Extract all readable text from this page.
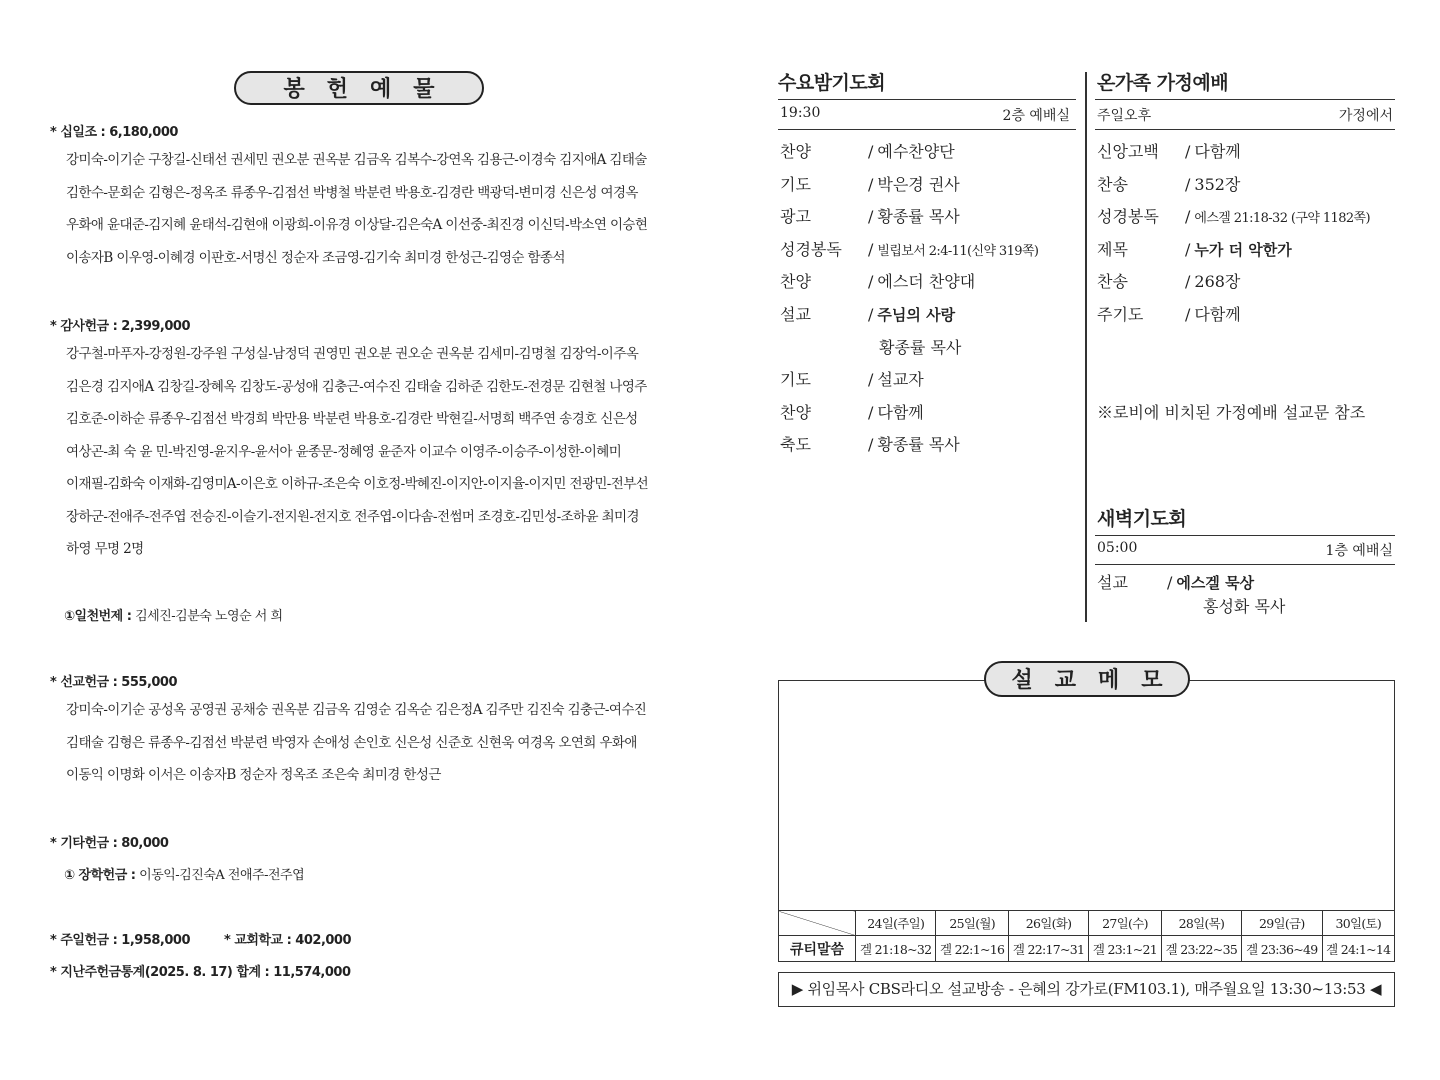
봉헌예물
* 십일조 : 6,180,000
강미숙-이기순 구창길-신태선 권세민 권오분 권옥분 김금옥 김복수-강연옥 김용근-이경숙 김지애A 김태술
김한수-문회순 김형은-정옥조 류종우-김점선 박병철 박분련 박용호-김경란 백광덕-변미경 신은성 여경옥
우화애 윤대준-김지혜 윤태석-김현애 이광희-이유경 이상달-김은숙A 이선중-최진경 이신덕-박소연 이승현
이송자B 이우영-이혜경 이판호-서명신 정순자 조금영-김기숙 최미경 한성근-김영순 함종석
* 감사헌금 : 2,399,000
강구철-마푸자-강정원-강주원 구성실-남정덕 권영민 권오분 권오순 권옥분 김세미-김명철 김장억-이주옥
김은경 김지애A 김창길-장혜옥 김창도-공성애 김충근-여수진 김태술 김하준 김한도-전경문 김현철 나영주
김호준-이하순 류종우-김점선 박경희 박만용 박분련 박용호-김경란 박현길-서명희 백주연 송경호 신은성
여상곤-최 숙 윤 민-박진영-윤지우-윤서아 윤종문-정혜영 윤준자 이교수 이영주-이승주-이성한-이혜미
이재필-김화숙 이재화-김영미A-이은호 이하규-조은숙 이호정-박혜진-이지안-이지율-이지민 전광민-전부선
장하군-전애주-전주엽 전승진-이슬기-전지원-전지호 전주엽-이다솜-전썸머 조경호-김민성-조하윤 최미경
하영 무명 2명
①일천번제 : 김세진-김분숙 노영순 서 희
* 선교헌금 : 555,000
강미숙-이기순 공성옥 공영권 공채숭 권옥분 김금옥 김영순 김옥순 김은정A 김주만 김진숙 김충근-여수진
김태술 김형은 류종우-김점선 박분련 박영자 손애성 손인호 신은성 신준호 신현욱 여경옥 오연희 우화애
이동익 이명화 이서은 이송자B 정순자 정옥조 조은숙 최미경 한성근
* 기타헌금 : 80,000
① 장학헌금 : 이동익-김진숙A 전애주-전주엽
* 주일헌금 : 1,958,000	* 교회학교 : 402,000
* 지난주헌금통계(2025. 8. 17) 합계 : 11,574,000
수요밤기도회
19:30	2층 예배실
찬양	/ 예수찬양단
기도	/ 박은경 권사
광고	/ 황종률 목사
성경봉독 / 빌립보서 2:4-11(신약 319쪽)
찬양	/ 에스더 찬양대
설교	/ 주님의 사랑
황종률 목사
기도	/ 설교자
찬양	/ 다함께
축도	/ 황종률 목사
온가족 가정예배
주일오후	가정에서
신앙고백 / 다함께
찬송	/ 352장
성경봉독 / 에스겔 21:18-32 (구약 1182쪽)
제목	/ 누가 더 악한가
찬송	/ 268장
주기도	/ 다함께
※로비에 비치된 가정예배 설교문 참조
새벽기도회
05:00	1층 예배실
설교 / 에스겔 묵상
홍성화 목사
설교메모
	24일(주일)	25일(월)	26일(화)	27일(수)	28일(목)	29일(금)	30일(토)
큐티말씀	겔 21:18~32	겔 22:1~16	겔 22:17~31	겔 23:1~21	겔 23:22~35	겔 23:36~49	겔 24:1~14
▶ 위임목사 CBS라디오 설교방송 - 은혜의 강가로(FM103.1), 매주월요일 13:30~13:53 ◀
